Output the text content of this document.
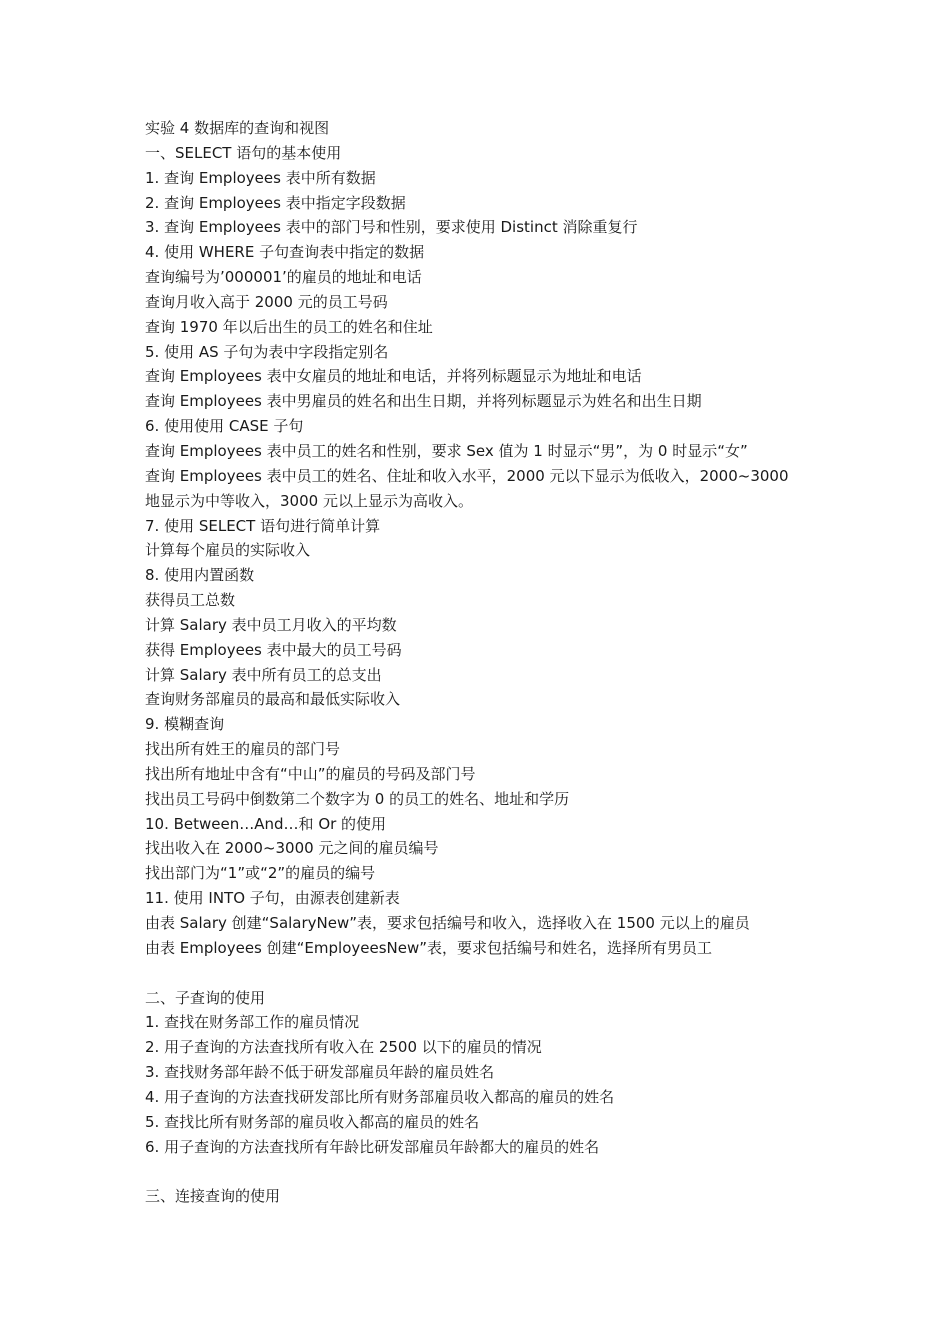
实验 4 数据库的查询和视图
一、SELECT 语句的基本使用
1. 查询 Employees 表中所有数据
2. 查询 Employees 表中指定字段数据
3. 查询 Employees 表中的部门号和性别，要求使用 Distinct 消除重复行
4. 使用 WHERE 子句查询表中指定的数据
查询编号为’000001’的雇员的地址和电话
查询月收入高于 2000 元的员工号码
查询 1970 年以后出生的员工的姓名和住址
5. 使用 AS 子句为表中字段指定别名
查询 Employees 表中女雇员的地址和电话，并将列标题显示为地址和电话
查询 Employees 表中男雇员的姓名和出生日期，并将列标题显示为姓名和出生日期
6. 使用使用 CASE 子句
查询 Employees 表中员工的姓名和性别，要求 Sex 值为 1 时显示“男”，为 0 时显示“女”
查询 Employees 表中员工的姓名、住址和收入水平，2000 元以下显示为低收入，2000~3000
地显示为中等收入，3000 元以上显示为高收入。
7. 使用 SELECT 语句进行简单计算
计算每个雇员的实际收入
8. 使用内置函数
获得员工总数
计算 Salary 表中员工月收入的平均数
获得 Employees 表中最大的员工号码
计算 Salary 表中所有员工的总支出
查询财务部雇员的最高和最低实际收入
9. 模糊查询
找出所有姓王的雇员的部门号
找出所有地址中含有“中山”的雇员的号码及部门号
找出员工号码中倒数第二个数字为 0 的员工的姓名、地址和学历
10. Between…And…和 Or 的使用
找出收入在 2000~3000 元之间的雇员编号
找出部门为“1”或“2”的雇员的编号
11. 使用 INTO 子句，由源表创建新表
由表 Salary 创建“SalaryNew”表，要求包括编号和收入，选择收入在 1500 元以上的雇员
由表 Employees 创建“EmployeesNew”表，要求包括编号和姓名，选择所有男员工
二、子查询的使用
1. 查找在财务部工作的雇员情况
2. 用子查询的方法查找所有收入在 2500 以下的雇员的情况
3. 查找财务部年龄不低于研发部雇员年龄的雇员姓名
4. 用子查询的方法查找研发部比所有财务部雇员收入都高的雇员的姓名
5. 查找比所有财务部的雇员收入都高的雇员的姓名
6. 用子查询的方法查找所有年龄比研发部雇员年龄都大的雇员的姓名
三、连接查询的使用
